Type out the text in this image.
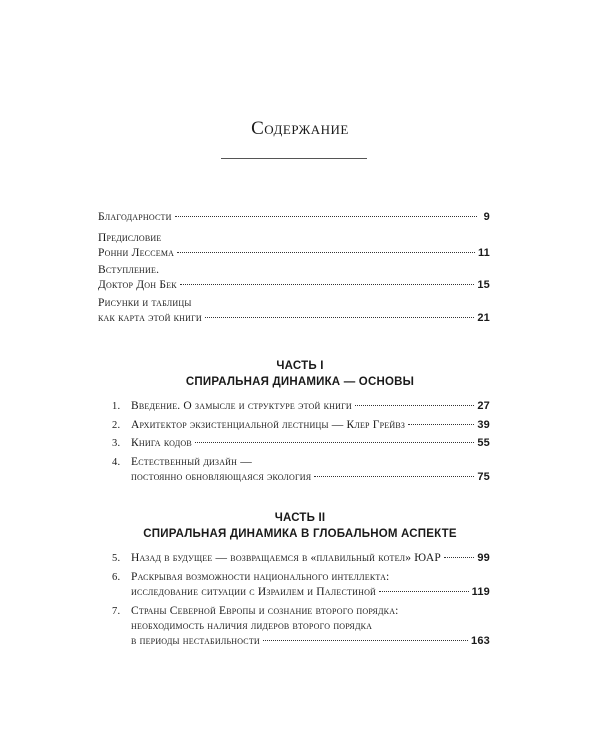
Содержание
Благодарности	9
Предисловие
Ронни Лессема	11
Вступление.
Доктор Дон Бек	15
Рисунки и таблицы
как карта этой книги	21
ЧАСТЬ I
СПИРАЛЬНАЯ ДИНАМИКА — ОСНОВЫ
1. Введение. О замысле и структуре этой книги	27
2. Архитектор экзистенциальной лестницы — Клер Грейвз	39
3. Книга кодов	55
4. Естественный дизайн —
постоянно обновляющаяся экология	75
ЧАСТЬ II
СПИРАЛЬНАЯ ДИНАМИКА В ГЛОБАЛЬНОМ АСПЕКТЕ
5. Назад в будущее — возвращаемся в «плавильный котел» ЮАР	99
6. Раскрывая возможности национального интеллекта:
исследование ситуации с Израилем и Палестиной	119
7. Страны Северной Европы и сознание второго порядка:
необходимость наличия лидеров второго порядка
в периоды нестабильности	163
